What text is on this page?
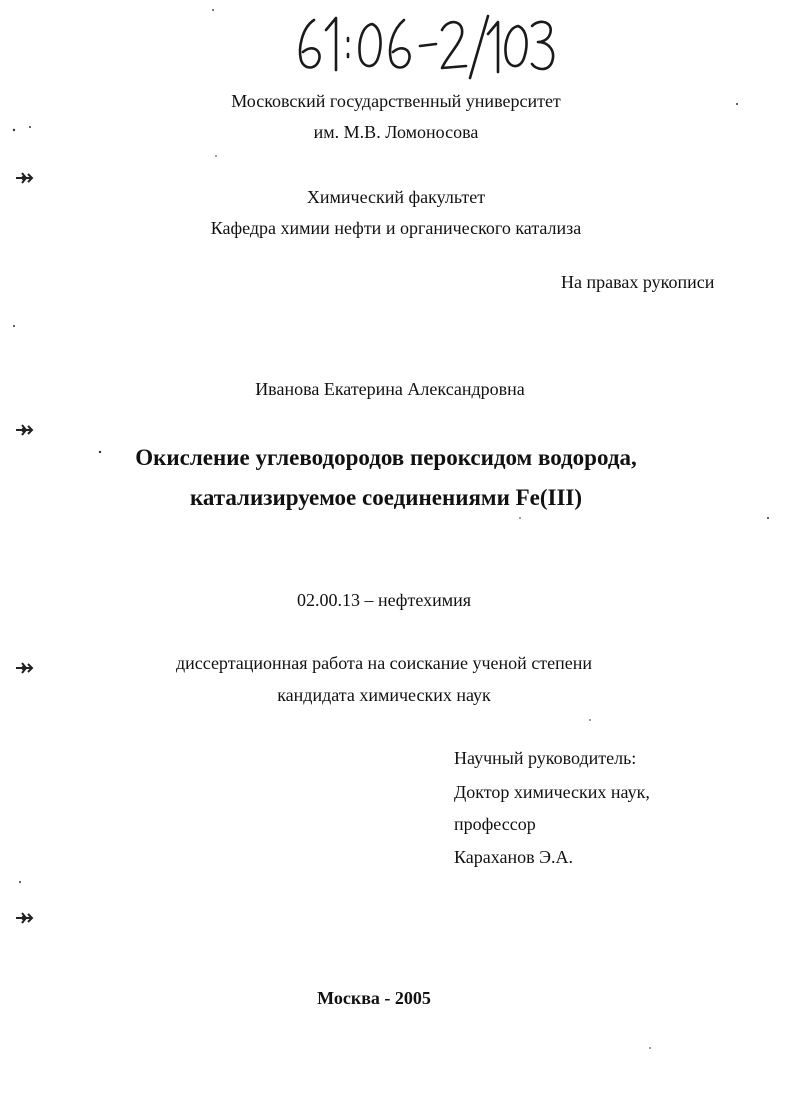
Московский государственный университет
им. М.В. Ломоносова
Химический факультет
Кафедра химии нефти и органического катализа
На правах рукописи
Иванова Екатерина Александровна
Окисление углеводородов пероксидом водорода,
катализируемое соединениями Fe(III)
02.00.13 – нефтехимия
диссертационная работа на соискание ученой степени
кандидата химических наук
Научный руководитель:
Доктор химических наук,
профессор
Караханов Э.А.
Москва - 2005
